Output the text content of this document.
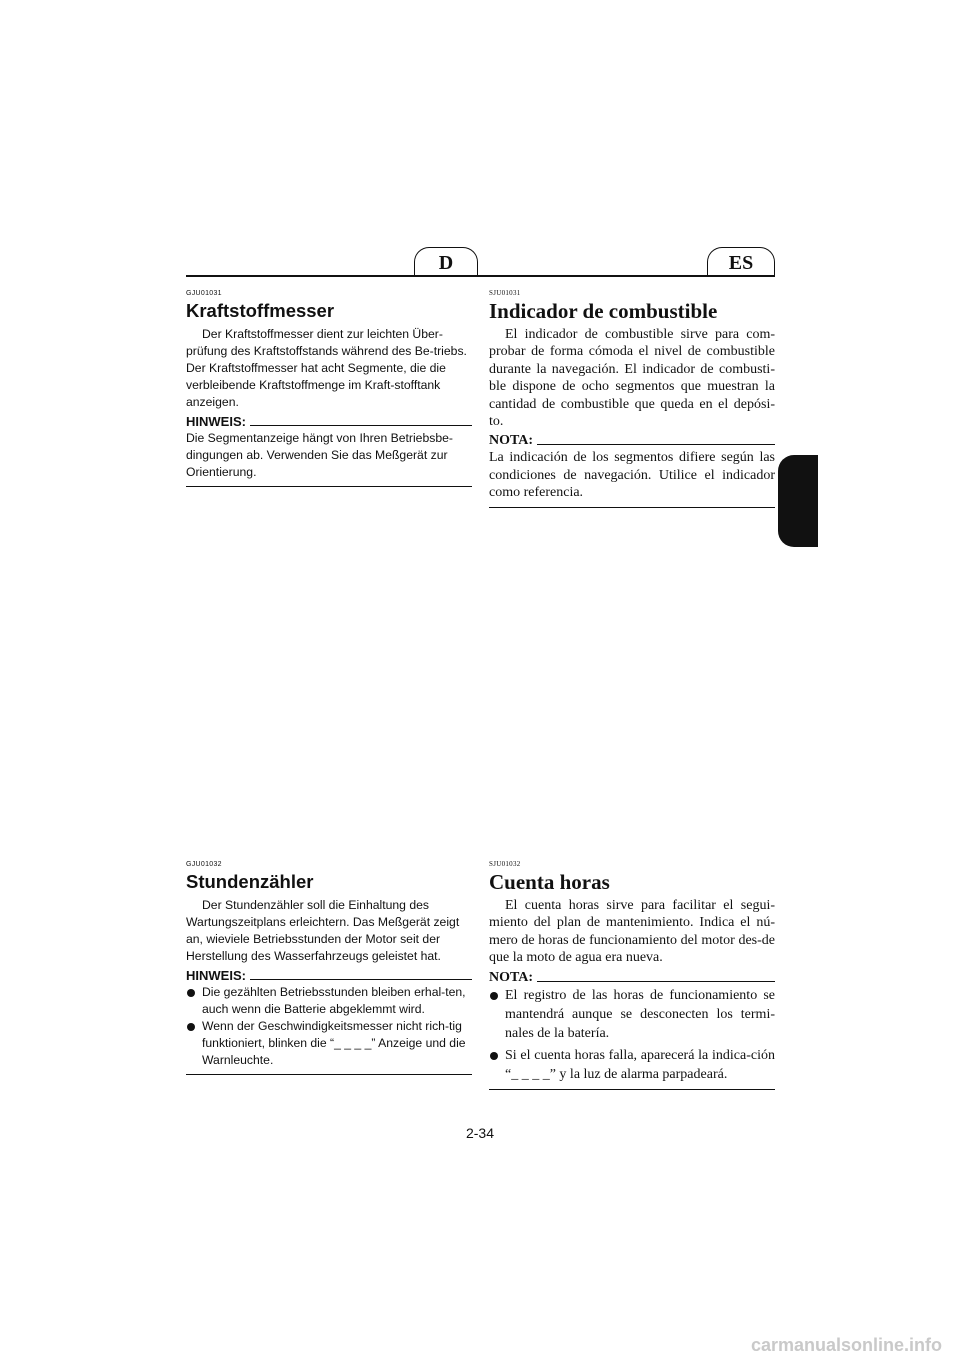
D	ES

GJU01031

Kraftstoffmesser

Der Kraftstoffmesser dient zur leichten Über-prüfung des Kraftstoffstands während des Be-triebs. Der Kraftstoffmesser hat acht Segmente, die die verbleibende Kraftstoffmenge im Kraft-stofftank anzeigen.

HINWEIS:

Die Segmentanzeige hängt von Ihren Betriebsbe-dingungen ab. Verwenden Sie das Meßgerät zur Orientierung.

SJU01031

Indicador de combustible

El indicador de combustible sirve para com-probar de forma cómoda el nivel de combustible durante la navegación. El indicador de combusti-ble dispone de ocho segmentos que muestran la cantidad de combustible que queda en el depósi-to.

NOTA:

La indicación de los segmentos difiere según las condiciones de navegación. Utilice el indicador como referencia.

GJU01032

Stundenzähler

Der Stundenzähler soll die Einhaltung des Wartungszeitplans erleichtern. Das Meßgerät zeigt an, wieviele Betriebsstunden der Motor seit der Herstellung des Wasserfahrzeugs geleistet hat.

HINWEIS:
Die gezählten Betriebsstunden bleiben erhal-ten, auch wenn die Batterie abgeklemmt wird.
Wenn der Geschwindigkeitsmesser nicht rich-tig funktioniert, blinken die “_ _ _ _” Anzeige und die Warnleuchte.

SJU01032

Cuenta horas

El cuenta horas sirve para facilitar el segui-miento del plan de mantenimiento. Indica el nú-mero de horas de funcionamiento del motor des-de que la moto de agua era nueva.

NOTA:
El registro de las horas de funcionamiento se mantendrá aunque se desconecten los termi-nales de la batería.
Si el cuenta horas falla, aparecerá la indica-ción “_ _ _ _” y la luz de alarma parpadeará.
2-34
carmanualsonline.info
